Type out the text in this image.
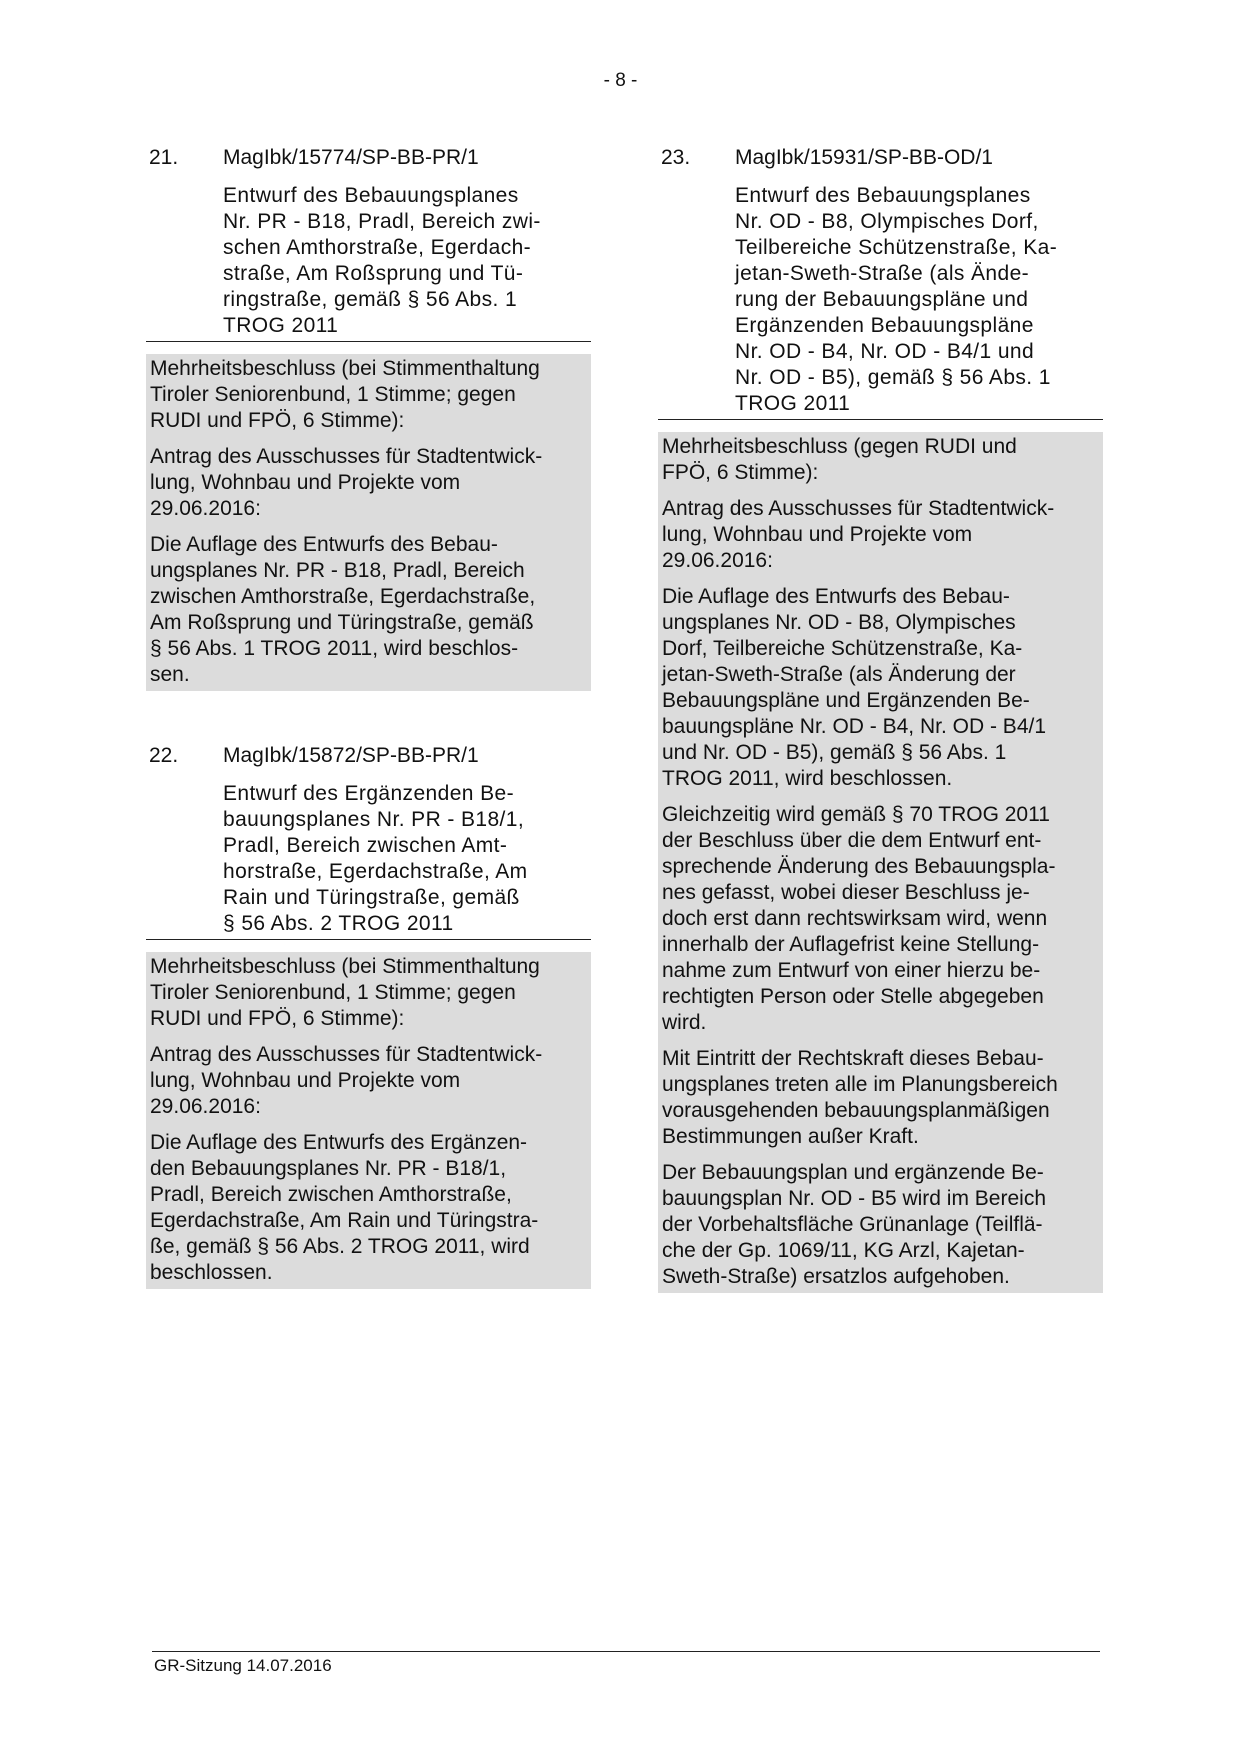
- 8 -
21.	MagIbk/15774/SP-BB-PR/1
Entwurf des Bebauungsplanes
Nr. PR - B18, Pradl, Bereich zwi-
schen Amthorstraße, Egerdach-
straße, Am Roßsprung und Tü-
ringstraße, gemäß § 56 Abs. 1
TROG 2011

Mehrheitsbeschluss (bei Stimmenthaltung
Tiroler Seniorenbund, 1 Stimme; gegen
RUDI und FPÖ, 6 Stimme):

Antrag des Ausschusses für Stadtentwick-
lung, Wohnbau und Projekte vom
29.06.2016:

Die Auflage des Entwurfs des Bebau-
ungsplanes Nr. PR - B18, Pradl, Bereich
zwischen Amthorstraße, Egerdachstraße,
Am Roßsprung und Türingstraße, gemäß
§ 56 Abs. 1 TROG 2011, wird beschlos-
sen.

22.	MagIbk/15872/SP-BB-PR/1
Entwurf des Ergänzenden Be-
bauungsplanes Nr. PR - B18/1,
Pradl, Bereich zwischen Amt-
horstraße, Egerdachstraße, Am
Rain und Türingstraße, gemäß
§ 56 Abs. 2 TROG 2011

Mehrheitsbeschluss (bei Stimmenthaltung
Tiroler Seniorenbund, 1 Stimme; gegen
RUDI und FPÖ, 6 Stimme):

Antrag des Ausschusses für Stadtentwick-
lung, Wohnbau und Projekte vom
29.06.2016:

Die Auflage des Entwurfs des Ergänzen-
den Bebauungsplanes Nr. PR - B18/1,
Pradl, Bereich zwischen Amthorstraße,
Egerdachstraße, Am Rain und Türingstra-
ße, gemäß § 56 Abs. 2 TROG 2011, wird
beschlossen.

23.	MagIbk/15931/SP-BB-OD/1
Entwurf des Bebauungsplanes
Nr. OD - B8, Olympisches Dorf,
Teilbereiche Schützenstraße, Ka-
jetan-Sweth-Straße (als Ände-
rung der Bebauungspläne und
Ergänzenden Bebauungspläne
Nr. OD - B4, Nr. OD - B4/1 und
Nr. OD - B5), gemäß § 56 Abs. 1
TROG 2011

Mehrheitsbeschluss (gegen RUDI und
FPÖ, 6 Stimme):

Antrag des Ausschusses für Stadtentwick-
lung, Wohnbau und Projekte vom
29.06.2016:

Die Auflage des Entwurfs des Bebau-
ungsplanes Nr. OD - B8, Olympisches
Dorf, Teilbereiche Schützenstraße, Ka-
jetan-Sweth-Straße (als Änderung der
Bebauungspläne und Ergänzenden Be-
bauungspläne Nr. OD - B4, Nr. OD - B4/1
und Nr. OD - B5), gemäß § 56 Abs. 1
TROG 2011, wird beschlossen.

Gleichzeitig wird gemäß § 70 TROG 2011
der Beschluss über die dem Entwurf ent-
sprechende Änderung des Bebauungspla-
nes gefasst, wobei dieser Beschluss je-
doch erst dann rechtswirksam wird, wenn
innerhalb der Auflagefrist keine Stellung-
nahme zum Entwurf von einer hierzu be-
rechtigten Person oder Stelle abgegeben
wird.

Mit Eintritt der Rechtskraft dieses Bebau-
ungsplanes treten alle im Planungsbereich
vorausgehenden bebauungsplanmäßigen
Bestimmungen außer Kraft.

Der Bebauungsplan und ergänzende Be-
bauungsplan Nr. OD - B5 wird im Bereich
der Vorbehaltsfläche Grünanlage (Teilflä-
che der Gp. 1069/11, KG Arzl, Kajetan-
Sweth-Straße) ersatzlos aufgehoben.

GR-Sitzung 14.07.2016
